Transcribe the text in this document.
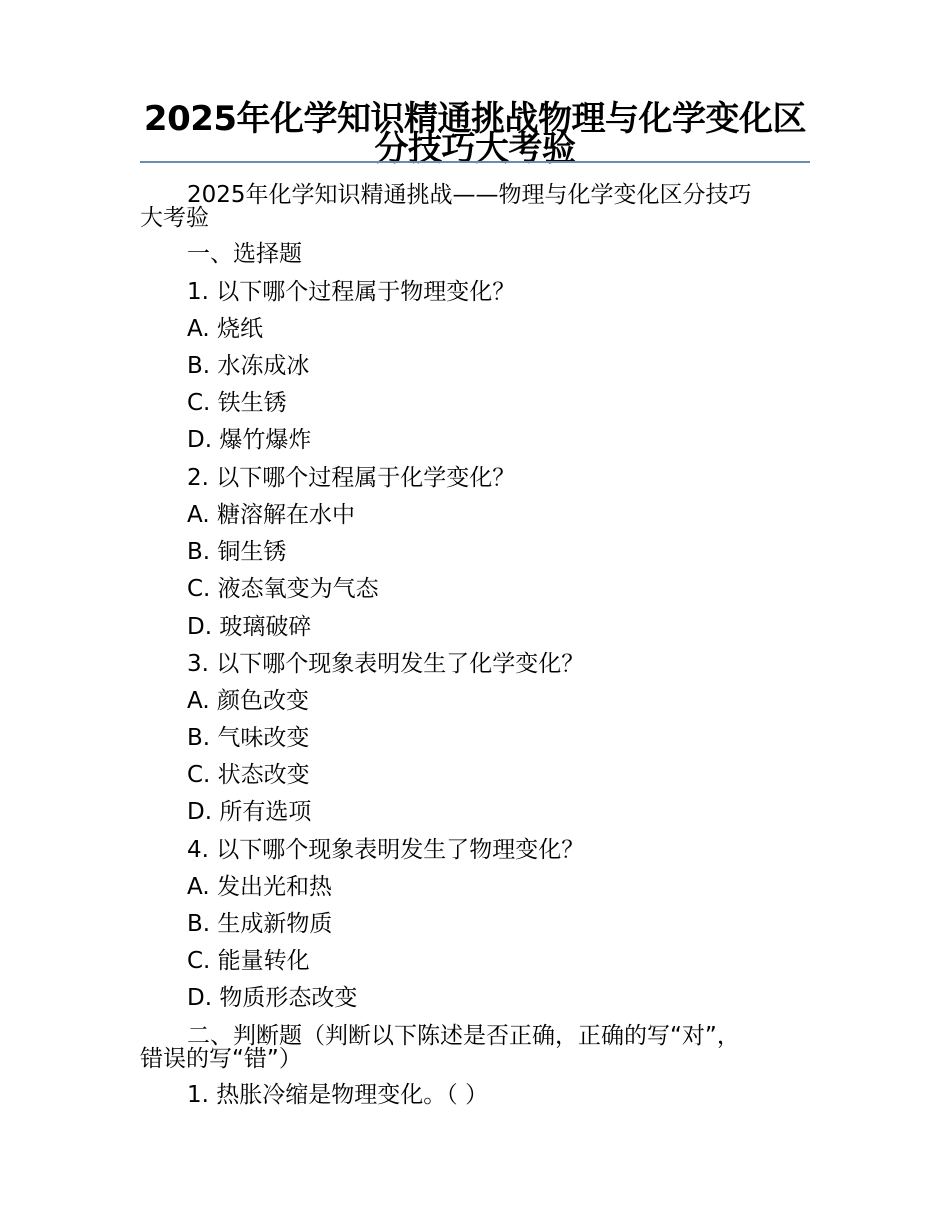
2025年化学知识精通挑战物理与化学变化区分技巧大考验
2025年化学知识精通挑战——物理与化学变化区分技巧
大考验
一、选择题
1. 以下哪个过程属于物理变化？
A. 烧纸
B. 水冻成冰
C. 铁生锈
D. 爆竹爆炸
2. 以下哪个过程属于化学变化？
A. 糖溶解在水中
B. 铜生锈
C. 液态氧变为气态
D. 玻璃破碎
3. 以下哪个现象表明发生了化学变化？
A. 颜色改变
B. 气味改变
C. 状态改变
D. 所有选项
4. 以下哪个现象表明发生了物理变化？
A. 发出光和热
B. 生成新物质
C. 能量转化
D. 物质形态改变
二、判断题（判断以下陈述是否正确，正确的写“对”，
错误的写“错”）
1. 热胀冷缩是物理变化。（ ）
